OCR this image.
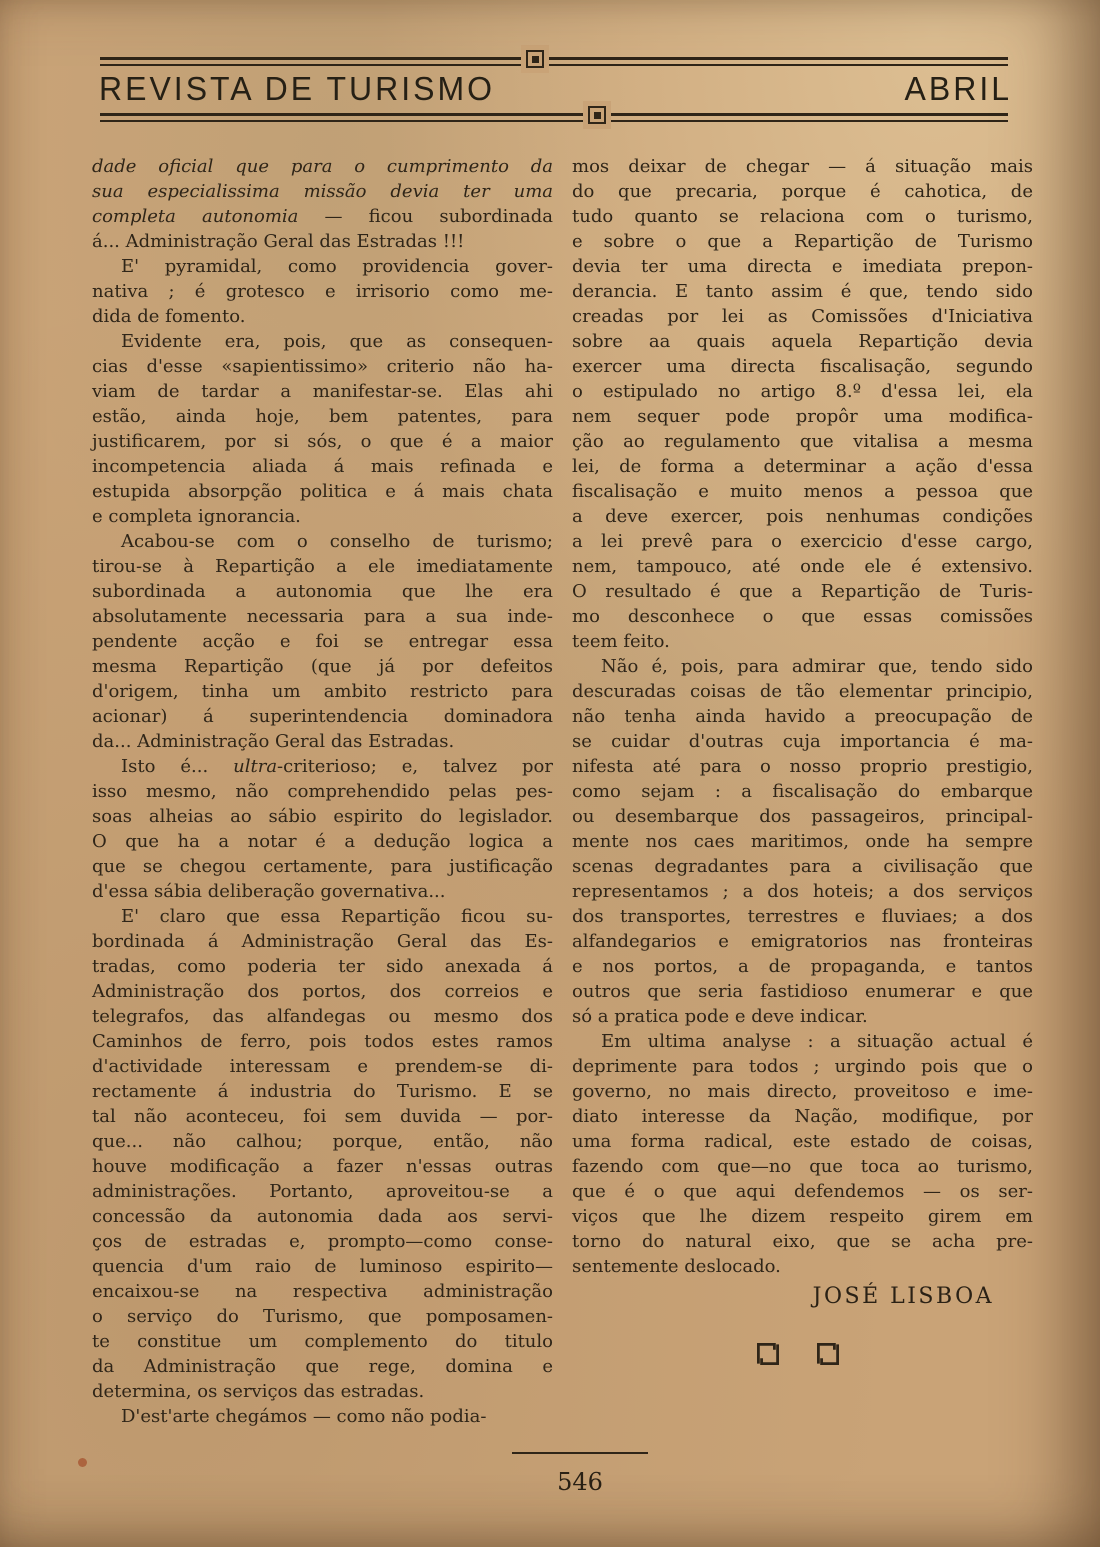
REVISTA DE TURISMO	ABRIL
dade oficial que para o cumprimento da
sua especialissima missão devia ter uma
completa autonomia — ficou subordinada
á... Administração Geral das Estradas !!!
E' pyramidal, como providencia gover-
nativa ; é grotesco e irrisorio como me-
dida de fomento.
Evidente era, pois, que as consequen-
cias d'esse «sapientissimo» criterio não ha-
viam de tardar a manifestar-se. Elas ahi
estão, ainda hoje, bem patentes, para
justificarem, por si sós, o que é a maior
incompetencia aliada á mais refinada e
estupida absorpção politica e á mais chata
e completa ignorancia.
Acabou-se com o conselho de turismo;
tirou-se à Repartição a ele imediatamente
subordinada a autonomia que lhe era
absolutamente necessaria para a sua inde-
pendente acção e foi se entregar essa
mesma Repartição (que já por defeitos
d'origem, tinha um ambito restricto para
acionar) á superintendencia dominadora
da... Administração Geral das Estradas.
Isto é... ultra-criterioso; e, talvez por
isso mesmo, não comprehendido pelas pes-
soas alheias ao sábio espirito do legislador.
O que ha a notar é a dedução logica a
que se chegou certamente, para justificação
d'essa sábia deliberação governativa...
E' claro que essa Repartição ficou su-
bordinada á Administração Geral das Es-
tradas, como poderia ter sido anexada á
Administração dos portos, dos correios e
telegrafos, das alfandegas ou mesmo dos
Caminhos de ferro, pois todos estes ramos
d'actividade interessam e prendem-se di-
rectamente á industria do Turismo. E se
tal não aconteceu, foi sem duvida — por-
que... não calhou; porque, então, não
houve modificação a fazer n'essas outras
administrações. Portanto, aproveitou-se a
concessão da autonomia dada aos servi-
ços de estradas e, prompto—como conse-
quencia d'um raio de luminoso espirito—
encaixou-se na respectiva administração
o serviço do Turismo, que pomposamen-
te constitue um complemento do titulo
da Administração que rege, domina e
determina, os serviços das estradas.
D'est'arte chegámos — como não podia-
mos deixar de chegar — á situação mais
do que precaria, porque é cahotica, de
tudo quanto se relaciona com o turismo,
e sobre o que a Repartição de Turismo
devia ter uma directa e imediata prepon-
derancia. E tanto assim é que, tendo sido
creadas por lei as Comissões d'Iniciativa
sobre aa quais aquela Repartição devia
exercer uma directa fiscalisação, segundo
o estipulado no artigo 8.º d'essa lei, ela
nem sequer pode propôr uma modifica-
ção ao regulamento que vitalisa a mesma
lei, de forma a determinar a ação d'essa
fiscalisação e muito menos a pessoa que
a deve exercer, pois nenhumas condições
a lei prevê para o exercicio d'esse cargo,
nem, tampouco, até onde ele é extensivo.
O resultado é que a Repartição de Turis-
mo desconhece o que essas comissões
teem feito.
Não é, pois, para admirar que, tendo sido
descuradas coisas de tão elementar principio,
não tenha ainda havido a preocupação de
se cuidar d'outras cuja importancia é ma-
nifesta até para o nosso proprio prestigio,
como sejam : a fiscalisação do embarque
ou desembarque dos passageiros, principal-
mente nos caes maritimos, onde ha sempre
scenas degradantes para a civilisação que
representamos ; a dos hoteis; a dos serviços
dos transportes, terrestres e fluviaes; a dos
alfandegarios e emigratorios nas fronteiras
e nos portos, a de propaganda, e tantos
outros que seria fastidioso enumerar e que
só a pratica pode e deve indicar.
Em ultima analyse : a situação actual é
deprimente para todos ; urgindo pois que o
governo, no mais directo, proveitoso e ime-
diato interesse da Nação, modifique, por
uma forma radical, este estado de coisas,
fazendo com que—no que toca ao turismo,
que é o que aqui defendemos — os ser-
viços que lhe dizem respeito girem em
torno do natural eixo, que se acha pre-
sentemente deslocado.
JOSÉ LISBOA
546
